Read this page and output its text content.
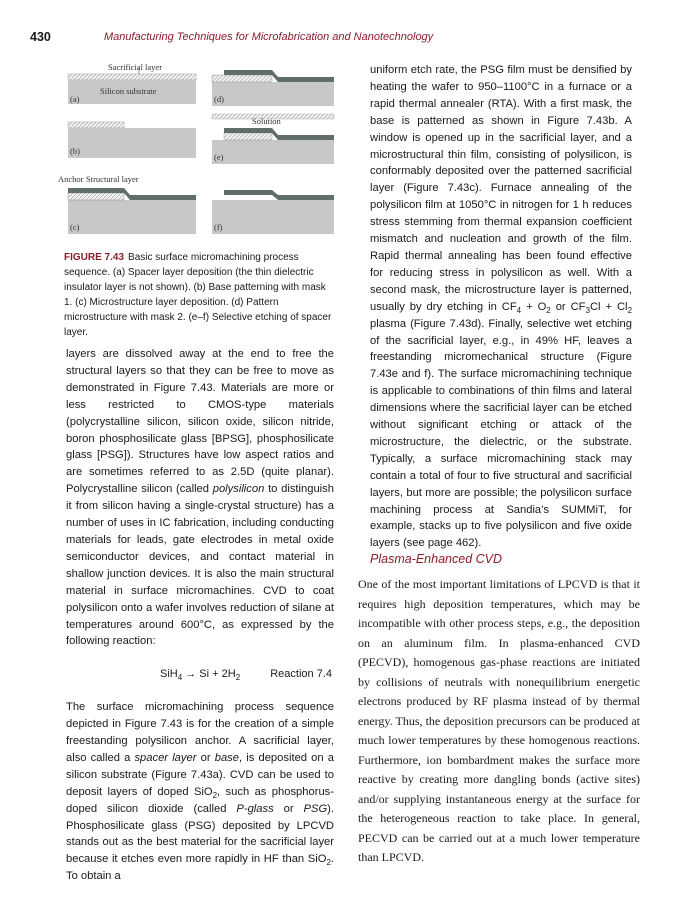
430	Manufacturing Techniques for Microfabrication and Nanotechnology
Sacrificial layer
Silicon substrate
(a)
(b)
Anchor Structural layer
(c)
(d)
Solution
(e)
(f)
FIGURE 7.43 Basic surface micromachining process sequence. (a) Spacer layer deposition (the thin dielectric insulator layer is not shown). (b) Base patterning with mask 1. (c) Microstructure layer deposition. (d) Pattern microstructure with mask 2. (e–f) Selective etching of spacer layer.

layers are dissolved away at the end to free the structural layers so that they can be free to move as demonstrated in Figure 7.43. Materials are more or less restricted to CMOS-type materials (polycrystalline silicon, silicon oxide, silicon nitride, boron phosphosilicate glass [BPSG], phosphosilicate glass [PSG]). Structures have low aspect ratios and are sometimes referred to as 2.5D (quite planar). Polycrystalline silicon (called polysilicon to distinguish it from silicon having a single-crystal structure) has a number of uses in IC fabrication, including conducting materials for leads, gate electrodes in metal oxide semiconductor devices, and contact material in shallow junction devices. It is also the main structural material in surface micromachines. CVD to coat polysilicon onto a wafer involves reduction of silane at temperatures around 600°C, as expressed by the following reaction:

$SiH_4 \to Si + 2H_2$	Reaction 7.4

The surface micromachining process sequence depicted in Figure 7.43 is for the creation of a simple freestanding polysilicon anchor. A sacrificial layer, also called a spacer layer or base, is deposited on a silicon substrate (Figure 7.43a). CVD can be used to deposit layers of doped SiO$_2$, such as phosphorus-doped silicon dioxide (called P-glass or PSG). Phosphosilicate glass (PSG) deposited by LPCVD stands out as the best material for the sacrificial layer because it etches even more rapidly in HF than SiO$_2$. To obtain a

uniform etch rate, the PSG film must be densified by heating the wafer to 950–1100°C in a furnace or a rapid thermal annealer (RTA). With a first mask, the base is patterned as shown in Figure 7.43b. A window is opened up in the sacrificial layer, and a microstructural thin film, consisting of polysilicon, is conformably deposited over the patterned sacrificial layer (Figure 7.43c). Furnace annealing of the polysilicon film at 1050°C in nitrogen for 1 h reduces stress stemming from thermal expansion coefficient mismatch and nucleation and growth of the film. Rapid thermal annealing has been found effective for reducing stress in polysilicon as well. With a second mask, the microstructure layer is patterned, usually by dry etching in $CF_4 + O_2$ or $CF_3Cl + Cl_2$ plasma (Figure 7.43d). Finally, selective wet etching of the sacrificial layer, e.g., in 49% HF, leaves a freestanding micromechanical structure (Figure 7.43e and f). The surface micromachining technique is applicable to combinations of thin films and lateral dimensions where the sacrificial layer can be etched without significant etching or attack of the microstructure, the dielectric, or the substrate. Typically, a surface micromachining stack may contain a total of four to five structural and sacrificial layers, but more are possible; the polysilicon surface machining process at Sandia’s SUMMiT, for example, stacks up to five polysilicon and five oxide layers (see page 462).

Plasma-Enhanced CVD

One of the most important limitations of LPCVD is that it requires high deposition temperatures, which may be incompatible with other process steps, e.g., the deposition on an aluminum film. In plasma-enhanced CVD (PECVD), homogenous gas-phase reactions are initiated by collisions of neutrals with nonequilibrium energetic electrons produced by RF plasma instead of by thermal energy. Thus, the deposition precursors can be produced at much lower temperatures by these homogenous reactions. Furthermore, ion bombardment makes the surface more reactive by creating more dangling bonds (active sites) and/or supplying instantaneous energy at the surface for the heterogeneous reaction to take place. In general, PECVD can be carried out at a much lower temperature than LPCVD.
